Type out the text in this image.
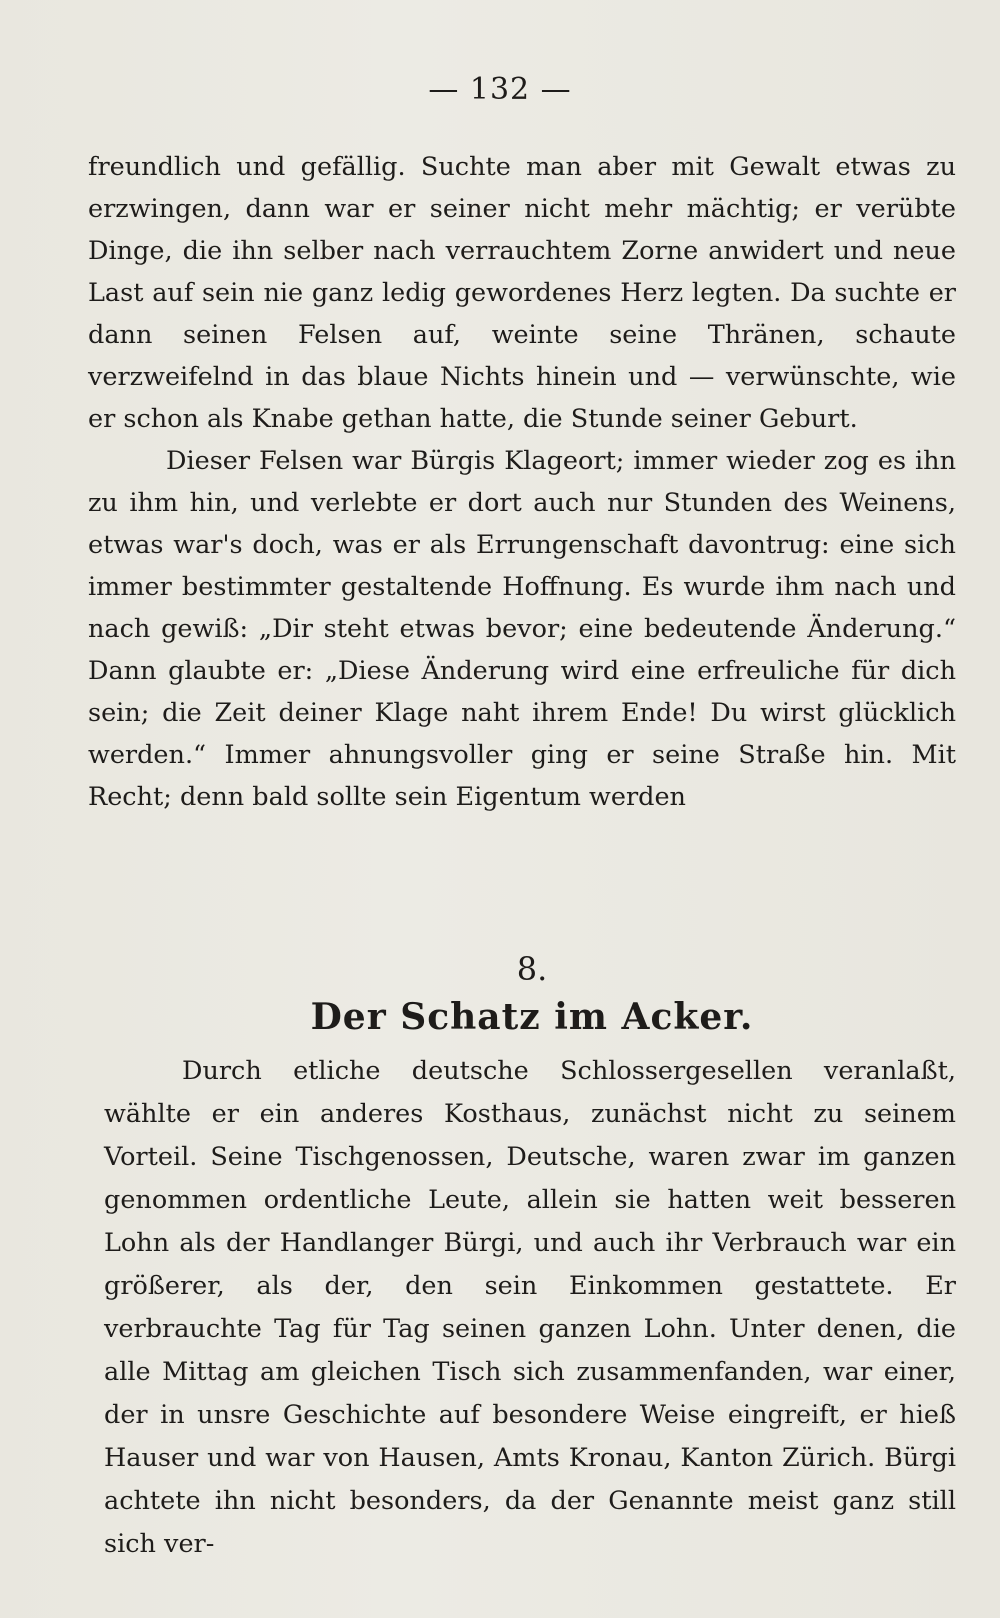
— 132 —

freundlich und gefällig. Suchte man aber mit Gewalt etwas zu erzwingen, dann war er seiner nicht mehr mächtig; er verübte Dinge, die ihn selber nach verrauchtem Zorne anwidert und neue Last auf sein nie ganz ledig gewordenes Herz legten. Da suchte er dann seinen Felsen auf, weinte seine Thränen, schaute verzweifelnd in das blaue Nichts hinein und — verwünschte, wie er schon als Knabe gethan hatte, die Stunde seiner Geburt.

Dieser Felsen war Bürgis Klageort; immer wieder zog es ihn zu ihm hin, und verlebte er dort auch nur Stunden des Weinens, etwas war's doch, was er als Errungenschaft davontrug: eine sich immer bestimmter gestaltende Hoffnung. Es wurde ihm nach und nach gewiß: „Dir steht etwas bevor; eine bedeutende Änderung.“ Dann glaubte er: „Diese Änderung wird eine erfreuliche für dich sein; die Zeit deiner Klage naht ihrem Ende! Du wirst glücklich werden.“ Immer ahnungsvoller ging er seine Straße hin. Mit Recht; denn bald sollte sein Eigentum werden

8.
Der Schatz im Acker.

Durch etliche deutsche Schlossergesellen veranlaßt, wählte er ein anderes Kosthaus, zunächst nicht zu seinem Vorteil. Seine Tischgenossen, Deutsche, waren zwar im ganzen genommen ordentliche Leute, allein sie hatten weit besseren Lohn als der Handlanger Bürgi, und auch ihr Verbrauch war ein größerer, als der, den sein Einkommen gestattete. Er verbrauchte Tag für Tag seinen ganzen Lohn. Unter denen, die alle Mittag am gleichen Tisch sich zusammenfanden, war einer, der in unsre Geschichte auf besondere Weise eingreift, er hieß Hauser und war von Hausen, Amts Kronau, Kanton Zürich. Bürgi achtete ihn nicht besonders, da der Genannte meist ganz still sich ver-
